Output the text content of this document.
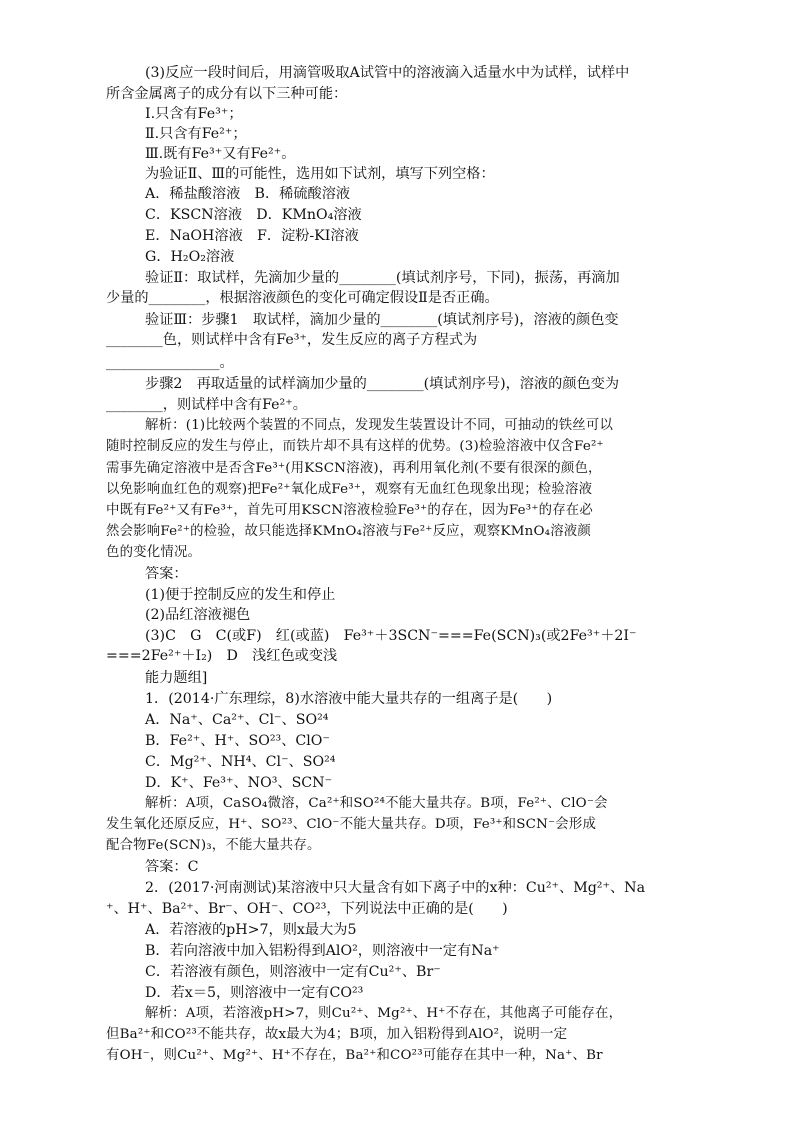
(3)反应一段时间后，用滴管吸取A试管中的溶液滴入适量水中为试样，试样中
所含金属离子的成分有以下三种可能：
Ⅰ.只含有Fe³⁺；
Ⅱ.只含有Fe²⁺；
Ⅲ.既有Fe³⁺又有Fe²⁺。
为验证Ⅱ、Ⅲ的可能性，选用如下试剂，填写下列空格：
A．稀盐酸溶液　B．稀硫酸溶液
C．KSCN溶液　D．KMnO₄溶液
E．NaOH溶液　F．淀粉-KI溶液
G．H₂O₂溶液
验证Ⅱ：取试样，先滴加少量的________(填试剂序号，下同)，振荡，再滴加
少量的________，根据溶液颜色的变化可确定假设Ⅱ是否正确。
验证Ⅲ：步骤1　取试样，滴加少量的________(填试剂序号)，溶液的颜色变
________色，则试样中含有Fe³⁺，发生反应的离子方程式为
________________。
步骤2　再取适量的试样滴加少量的________(填试剂序号)，溶液的颜色变为
________，则试样中含有Fe²⁺。
解析：(1)比较两个装置的不同点，发现发生装置设计不同，可抽动的铁丝可以
随时控制反应的发生与停止，而铁片却不具有这样的优势。(3)检验溶液中仅含Fe²⁺
需事先确定溶液中是否含Fe³⁺(用KSCN溶液)，再利用氧化剂(不要有很深的颜色，
以免影响血红色的观察)把Fe²⁺氧化成Fe³⁺，观察有无血红色现象出现；检验溶液
中既有Fe²⁺又有Fe³⁺，首先可用KSCN溶液检验Fe³⁺的存在，因为Fe³⁺的存在必
然会影响Fe²⁺的检验，故只能选择KMnO₄溶液与Fe²⁺反应，观察KMnO₄溶液颜
色的变化情况。
答案：
(1)便于控制反应的发生和停止
(2)品红溶液褪色
(3)C　G　C(或F)　红(或蓝)　Fe³⁺＋3SCN⁻===Fe(SCN)₃(或2Fe³⁺＋2I⁻
===2Fe²⁺＋I₂)　D　浅红色或变浅
能力题组]
1．(2014·广东理综，8)水溶液中能大量共存的一组离子是(　　)
A．Na⁺、Ca²⁺、Cl⁻、SO²⁴
B．Fe²⁺、H⁺、SO²³、ClO⁻
C．Mg²⁺、NH⁴、Cl⁻、SO²⁴
D．K⁺、Fe³⁺、NO³、SCN⁻
解析：A项，CaSO₄微溶，Ca²⁺和SO²⁴不能大量共存。B项，Fe²⁺、ClO⁻会
发生氧化还原反应，H⁺、SO²³、ClO⁻不能大量共存。D项，Fe³⁺和SCN⁻会形成
配合物Fe(SCN)₃，不能大量共存。
答案：C
2．(2017·河南测试)某溶液中只大量含有如下离子中的x种：Cu²⁺、Mg²⁺、Na
⁺、H⁺、Ba²⁺、Br⁻、OH⁻、CO²³，下列说法中正确的是(　　)
A．若溶液的pH>7，则x最大为5
B．若向溶液中加入铝粉得到AlO²，则溶液中一定有Na⁺
C．若溶液有颜色，则溶液中一定有Cu²⁺、Br⁻
D．若x＝5，则溶液中一定有CO²³
解析：A项，若溶液pH>7，则Cu²⁺、Mg²⁺、H⁺不存在，其他离子可能存在，
但Ba²⁺和CO²³不能共存，故x最大为4；B项，加入铝粉得到AlO²，说明一定
有OH⁻，则Cu²⁺、Mg²⁺、H⁺不存在，Ba²⁺和CO²³可能存在其中一种，Na⁺、Br
